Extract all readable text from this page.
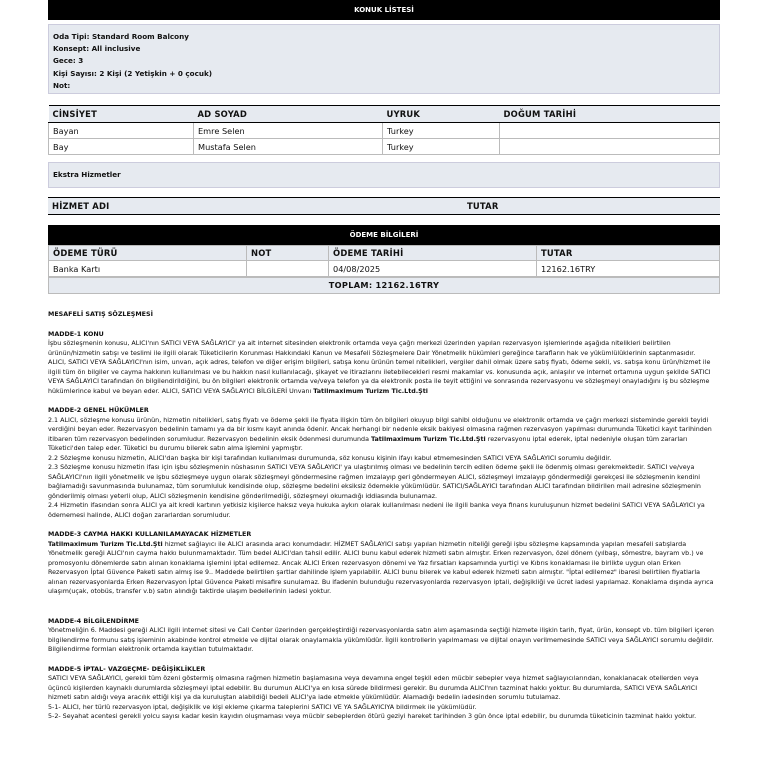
KONUK LİSTESİ
Oda Tipi: Standard Room Balcony
Konsept: All inclusive
Gece: 3
Kişi Sayısı: 2 Kişi (2 Yetişkin + 0 çocuk)
Not:
CİNSİYET	AD SOYAD	UYRUK	DOĞUM TARİHİ
Bayan	Emre Selen	Turkey	
Bay	Mustafa Selen	Turkey	
Ekstra Hizmetler
HİZMET ADI	TUTAR
ÖDEME BİLGİLERİ
ÖDEME TÜRÜ	NOT	ÖDEME TARİHİ	TUTAR
Banka Kartı		04/08/2025	12162.16TRY
TOPLAM: 12162.16TRY
MESAFELİ SATIŞ SÖZLEŞMESİ
MADDE-1 KONU

İşbu sözleşmenin konusu, ALICI'nın SATICI VEYA SAĞLAYICI' ya ait internet sitesinden elektronik ortamda veya çağrı merkezi üzerinden yapılan rezervasyon işlemlerinde aşağıda nitelikleri belirtilen ürünün/hizmetin satışı ve teslimi ile ilgili olarak Tüketicilerin Korunması Hakkındaki Kanun ve Mesafeli Sözleşmelere Dair Yönetmelik hükümleri gereğince tarafların hak ve yükümlülüklerinin saptanmasıdır.

ALICI, SATICI VEYA SAĞLAYICI'nın isim, unvan, açık adres, telefon ve diğer erişim bilgileri, satışa konu ürünün temel nitelikleri, vergiler dahil olmak üzere satış fiyatı, ödeme sekli, vs. satışa konu ürün/hizmet ile ilgili tüm ön bilgiler ve cayma hakkının kullanılması ve bu hakkın nasıl kullanılacağı, şikayet ve itirazlarını iletebilecekleri resmi makamlar vs. konusunda açık, anlaşılır ve internet ortamına uygun şekilde SATICI VEYA SAĞLAYICI tarafından ön bilgilendirildiğini, bu ön bilgileri elektronik ortamda ve/veya telefon ya da elektronik posta ile teyit ettiğini ve sonrasında rezervasyonu ve sözleşmeyi onayladığını iş bu sözleşme hükümlerince kabul ve beyan eder. ALICI, SATICI VEYA SAĞLAYICI BİLGİLERİ Unvanı Tatilmaximum Turizm Tic.Ltd.Şti

MADDE-2 GENEL HÜKÜMLER

2.1 ALICI, sözleşme konusu ürünün, hizmetin nitelikleri, satış fiyatı ve ödeme şekli ile fiyata ilişkin tüm ön bilgileri okuyup bilgi sahibi olduğunu ve elektronik ortamda ve çağrı merkezi sisteminde gerekli teyidi verdiğini beyan eder. Rezervasyon bedelinin tamamı ya da bir kısmı kayıt anında ödenir. Ancak herhangi bir nedenle eksik bakiyesi olmasına rağmen rezervasyon yapılması durumunda Tüketici kayıt tarihinden itibaren tüm rezervasyon bedelinden sorumludur. Rezervasyon bedelinin eksik ödenmesi durumunda Tatilmaximum Turizm Tic.Ltd.Şti rezervasyonu iptal ederek, iptal nedeniyle oluşan tüm zararları Tüketici'den talep eder. Tüketici bu durumu bilerek satın alma işlemini yapmıştır.

2.2 Sözleşme konusu hizmetin, ALICI'dan başka bir kişi tarafından kullanılması durumunda, söz konusu kişinin ifayı kabul etmemesinden SATICI VEYA SAĞLAYICI sorumlu değildir.

2.3 Sözleşme konusu hizmetin ifası için işbu sözleşmenin nüshasının SATICI VEYA SAĞLAYICI' ya ulaştırılmış olması ve bedelinin tercih edilen ödeme şekli ile ödenmiş olması gerekmektedir. SATICI ve/veya SAĞLAYICI'nın ilgili yönetmelik ve işbu sözleşmeye uygun olarak sözleşmeyi göndermesine rağmen imzalayıp geri göndermeyen ALICI, sözleşmeyi imzalayıp göndermediği gerekçesi ile sözleşmenin kendini bağlamadığı savunmasında bulunamaz, tüm sorumluluk kendisinde olup, sözleşme bedelini eksiksiz ödemekle yükümlüdür. SATICI/SAĞLAYICI tarafından ALICI tarafından bildirilen mail adresine sözleşmenin gönderilmiş olması yeterli olup, ALICI sözleşmenin kendisine gönderilmediği, sözleşmeyi okumadığı iddiasında bulunamaz.

2.4 Hizmetin ifasından sonra ALICI ya ait kredi kartının yetkisiz kişilerce haksız veya hukuka aykırı olarak kullanılması nedeni ile ilgili banka veya finans kuruluşunun hizmet bedelini SATICI VEYA SAĞLAYICI ya ödememesi halinde, ALICI doğan zararlardan sorumludur.

MADDE-3 CAYMA HAKKI KULLANILAMAYACAK HİZMETLER

Tatilmaximum Turizm Tic.Ltd.Şti hizmet sağlayıcı ile ALICI arasında aracı konumdadır. HİZMET SAĞLAYICI satışı yapılan hizmetin niteliği gereği işbu sözleşme kapsamında yapılan mesafeli satışlarda Yönetmelik gereği ALICI'nın cayma hakkı bulunmamaktadır. Tüm bedel ALICI'dan tahsil edilir. ALICI bunu kabul ederek hizmeti satın almıştır. Erken rezervasyon, özel dönem (yılbaşı, sömestre, bayram vb.) ve promosyonlu dönemlerde satın alınan konaklama işlemini iptal edilemez. Ancak ALICI Erken rezervasyon dönemi ve Yaz fırsatları kapsamında yurtiçi ve Kıbrıs konaklaması ile birlikte uygun olan Erken Rezervasyon İptal Güvence Paketi satın almış ise 9.. Maddede belirtilen şartlar dahilinde işlem yapılabilir. ALICI bunu bilerek ve kabul ederek hizmeti satın almıştır. "İptal edilemez" ibaresi belirtilen fiyatlarla alınan rezervasyonlarda Erken Rezervasyon İptal Güvence Paketi misafire sunulamaz. Bu ifadenin bulunduğu rezervasyonlarda rezervasyon iptali, değişikliği ve ücret iadesi yapılamaz. Konaklama dışında ayrıca ulaşım(uçak, otobüs, transfer v.b) satın alındığı taktirde ulaşım bedellerinin iadesi yoktur.

MADDE-4 BİLGİLENDİRME

Yönetmeliğin 6. Maddesi gereği ALICI ilgili internet sitesi ve Call Center üzerinden gerçekleştirdiği rezervasyonlarda satın alım aşamasında seçtiği hizmete ilişkin tarih, fiyat, ürün, konsept vb. tüm bilgileri içeren bilgilendirme formunu satış işleminin akabinde kontrol etmekle ve dijital olarak onaylamakla yükümlüdür. İlgili kontrollerin yapılmaması ve dijital onayın verilmemesinde SATICI veya SAĞLAYICI sorumlu değildir. Bilgilendirme formları elektronik ortamda kayıtları tutulmaktadır.

MADDE-5 İPTAL- VAZGEÇME- DEĞİŞİKLİKLER

SATICI VEYA SAĞLAYICI, gerekli tüm özeni göstermiş olmasına rağmen hizmetin başlamasına veya devamına engel teşkil eden mücbir sebepler veya hizmet sağlayıcılarından, konaklanacak otellerden veya üçüncü kişilerden kaynaklı durumlarda sözleşmeyi iptal edebilir. Bu durumun ALICI'ya en kısa sürede bildirmesi gerekir. Bu durumda ALICI'nın tazminat hakkı yoktur. Bu durumlarda, SATICI VEYA SAĞLAYICI hizmeti satın aldığı veya aracılık ettiği kişi ya da kuruluştan alabildiği bedeli ALICI'ya iade etmekle yükümlüdür. Alamadığı bedelin iadesinden sorumlu tutulamaz.

5-1- ALICI, her türlü rezervasyon iptal, değişiklik ve kişi ekleme çıkarma taleplerini SATICI VE YA SAĞLAYICIYA bildirmek ile yükümlüdür.

5-2- Seyahat acentesi gerekli yolcu sayısı kadar kesin kayıdın oluşmaması veya mücbir sebeplerden ötürü geziyi hareket tarihinden 3 gün önce iptal edebilir, bu durumda tüketicinin tazminat hakkı yoktur.
